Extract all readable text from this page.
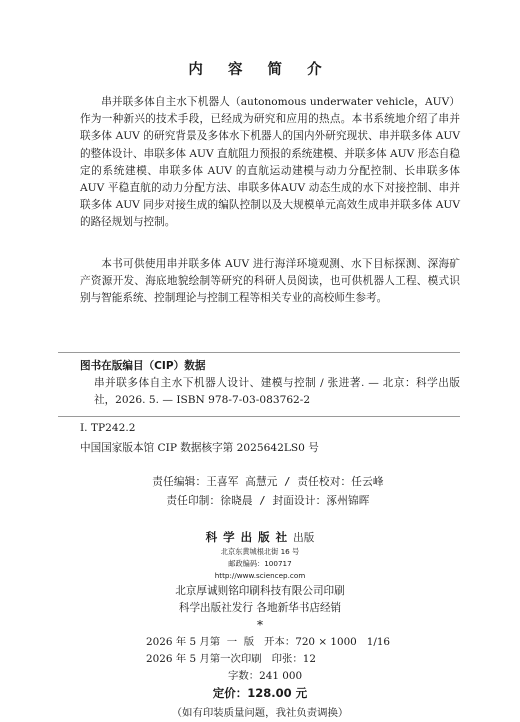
内 容 简 介

串并联多体自主水下机器人（autonomous underwater vehicle，AUV）作为一种新兴的技术手段，已经成为研究和应用的热点。本书系统地介绍了串并联多体 AUV 的研究背景及多体水下机器人的国内外研究现状、串并联多体 AUV 的整体设计、串联多体 AUV 直航阻力预报的系统建模、并联多体 AUV 形态自稳定的系统建模、串联多体 AUV 的直航运动建模与动力分配控制、长串联多体 AUV 平稳直航的动力分配方法、串联多体AUV 动态生成的水下对接控制、串并联多体 AUV 同步对接生成的编队控制以及大规模单元高效生成串并联多体 AUV 的路径规划与控制。

本书可供使用串并联多体 AUV 进行海洋环境观测、水下目标探测、深海矿产资源开发、海底地貌绘制等研究的科研人员阅读，也可供机器人工程、模式识别与智能系统、控制理论与控制工程等相关专业的高校师生参考。

图书在版编目（CIP）数据

串并联多体自主水下机器人设计、建模与控制 / 张进著. — 北京：科学出版社，2026. 5. — ISBN 978-7-03-083762-2

Ⅰ. TP242.2
中国国家版本馆 CIP 数据核字第 2025642LS0 号
责任编辑：王喜军 高慧元 / 责任校对：任云峰
责任印制：徐晓晨 / 封面设计：涿州锦晖
科学出版社出版
北京东黄城根北街 16 号
邮政编码：100717
http://www.sciencep.com
北京厚诚则铭印刷科技有限公司印刷
科学出版社发行 各地新华书店经销
*
2026 年 5 月第  一  版   开本：720 × 1000   1/16
2026 年 5 月第一次印刷   印张：12
字数：241 000
定价：128.00 元
（如有印装质量问题，我社负责调换）
